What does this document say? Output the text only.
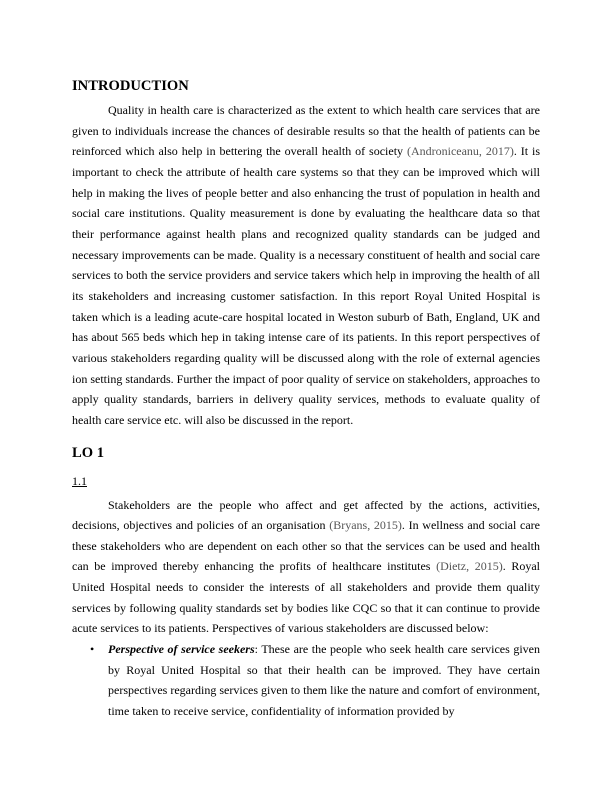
INTRODUCTION

Quality in health care is characterized as the extent to which health care services that are given to individuals increase the chances of desirable results so that the health of patients can be reinforced which also help in bettering the overall health of society (Androniceanu, 2017). It is important to check the attribute of health care systems so that they can be improved which will help in making the lives of people better and also enhancing the trust of population in health and social care institutions. Quality measurement is done by evaluating the healthcare data so that their performance against health plans and recognized quality standards can be judged and necessary improvements can be made. Quality is a necessary constituent of health and social care services to both the service providers and service takers which help in improving the health of all its stakeholders and increasing customer satisfaction. In this report Royal United Hospital is taken which is a leading acute-care hospital located in Weston suburb of Bath, England, UK and has about 565 beds which hep in taking intense care of its patients. In this report perspectives of various stakeholders regarding quality will be discussed along with the role of external agencies ion setting standards. Further the impact of poor quality of service on stakeholders, approaches to apply quality standards, barriers in delivery quality services, methods to evaluate quality of health care service etc. will also be discussed in the report.

LO 1
1.1

Stakeholders are the people who affect and get affected by the actions, activities, decisions, objectives and policies of an organisation (Bryans, 2015). In wellness and social care these stakeholders who are dependent on each other so that the services can be used and health can be improved thereby enhancing the profits of healthcare institutes (Dietz, 2015). Royal United Hospital needs to consider the interests of all stakeholders and provide them quality services by following quality standards set by bodies like CQC so that it can continue to provide acute services to its patients. Perspectives of various stakeholders are discussed below:

• Perspective of service seekers: These are the people who seek health care services given by Royal United Hospital so that their health can be improved. They have certain perspectives regarding services given to them like the nature and comfort of environment, time taken to receive service, confidentiality of information provided by
